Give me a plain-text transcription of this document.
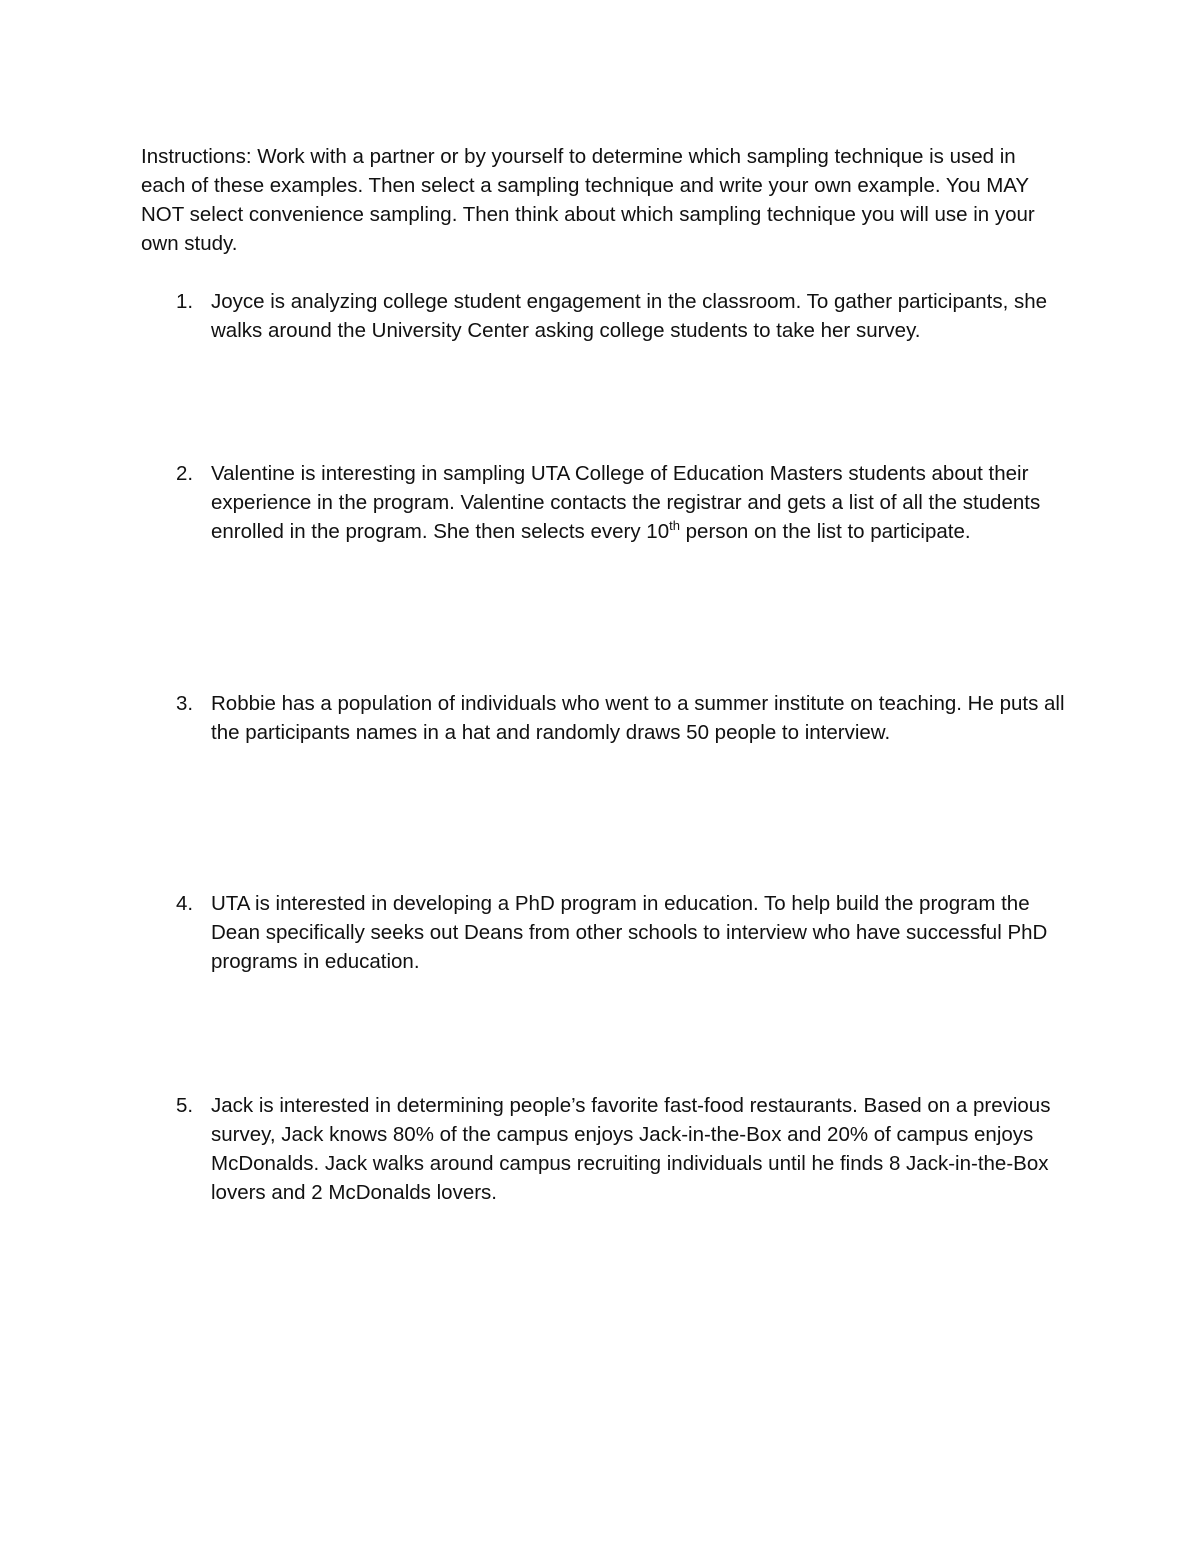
Instructions: Work with a partner or by yourself to determine which sampling technique is used in each of these examples. Then select a sampling technique and write your own example. You MAY NOT select convenience sampling. Then think about which sampling technique you will use in your own study.

1. Joyce is analyzing college student engagement in the classroom. To gather participants, she walks around the University Center asking college students to take her survey.
2. Valentine is interesting in sampling UTA College of Education Masters students about their experience in the program. Valentine contacts the registrar and gets a list of all the students enrolled in the program. She then selects every 10th person on the list to participate.
3. Robbie has a population of individuals who went to a summer institute on teaching. He puts all the participants names in a hat and randomly draws 50 people to interview.
4. UTA is interested in developing a PhD program in education. To help build the program the Dean specifically seeks out Deans from other schools to interview who have successful PhD programs in education.
5. Jack is interested in determining people’s favorite fast-food restaurants. Based on a previous survey, Jack knows 80% of the campus enjoys Jack-in-the-Box and 20% of campus enjoys McDonalds. Jack walks around campus recruiting individuals until he finds 8 Jack-in-the-Box lovers and 2 McDonalds lovers.
